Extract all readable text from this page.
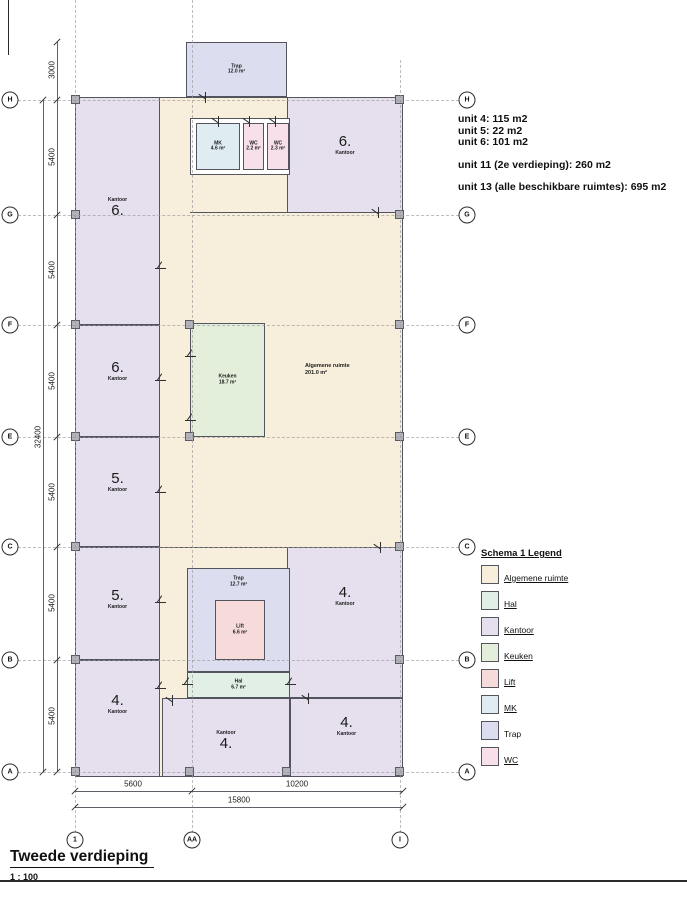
Trap
12.0 m²
Kantoor
6.
6.
Kantoor
MK
4.6 m²
WC
2.2 m²
WC
2.3 m²
6.
Kantoor	Keuken
18.7 m²
5.
Kantoor
5.
Kantoor
4.
Kantoor
4.
Kantoor
Trap
12.7 m²
Lift
6.6 m²
Hal
6.7 m²
Kantoor
4.
4.
Kantoor
Algemene ruimte
201.0 m²
H	H
G	G
F	F
E	E
C	C
B	B
A	A
1	AA	I
3000
5400
5400
5400
5400
5400
5400
32400
5600	10200
15800
unit 4: 115 m2
unit 5: 22 m2
unit 6: 101 m2
unit 11 (2e verdieping): 260 m2
unit 13 (alle beschikbare ruimtes): 695 m2
Schema 1 Legend
Algemene ruimte
Hal
Kantoor
Keuken
Lift
MK
Trap
WC
Tweede verdieping
1 : 100
